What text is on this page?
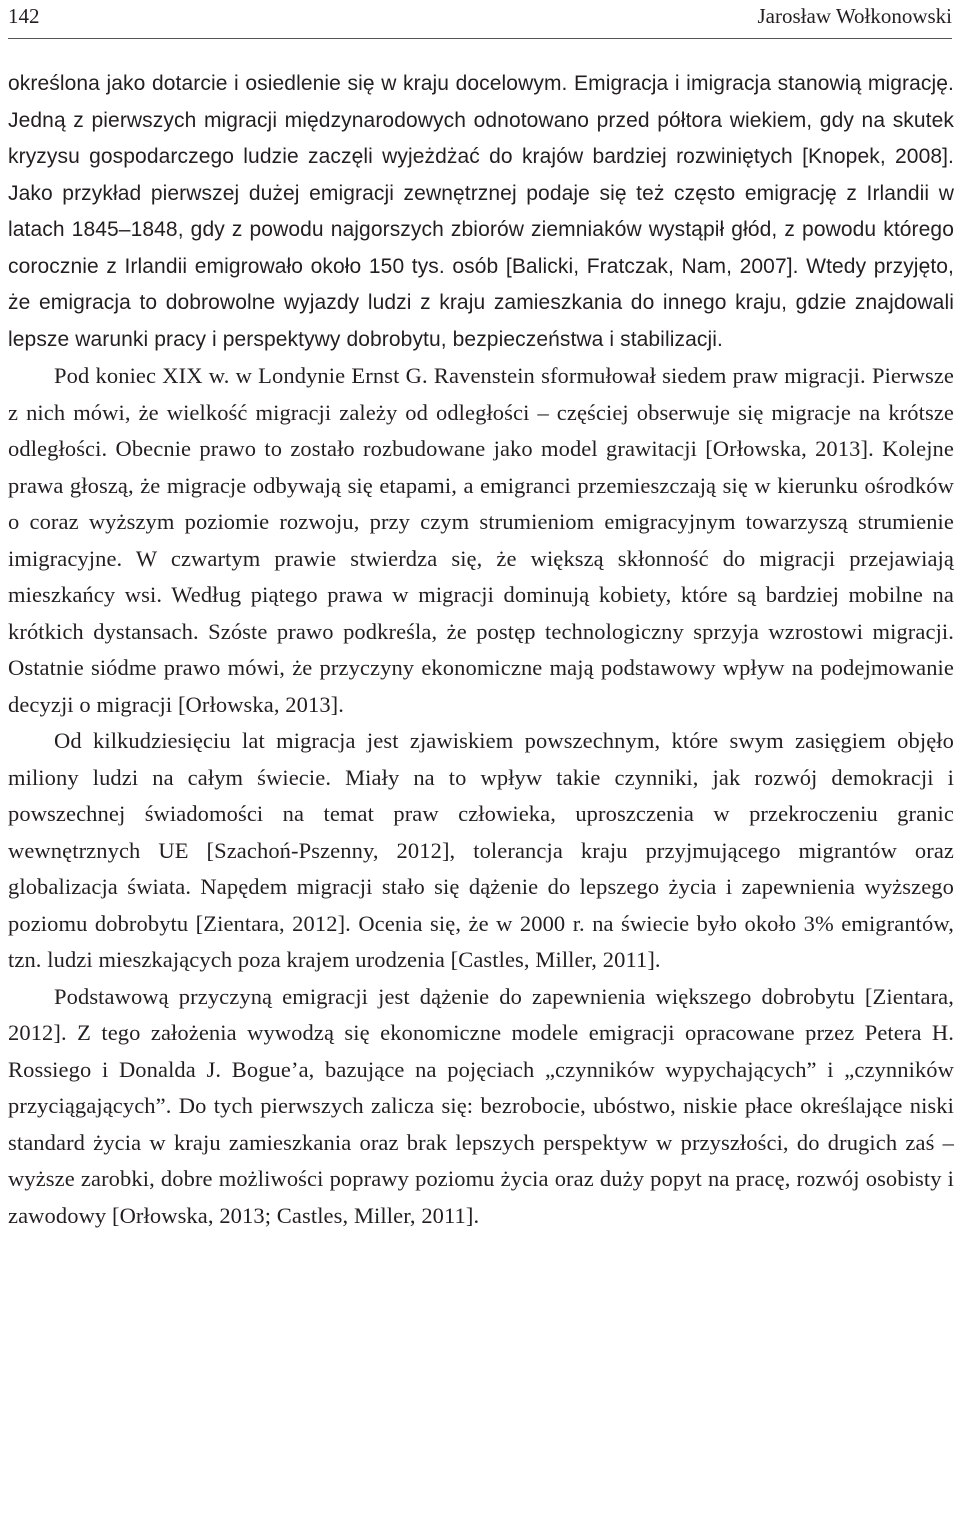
142	Jarosław Wołkonowski

określona jako dotarcie i osiedlenie się w kraju docelowym. Emigracja i imigracja stanowią migrację. Jedną z pierwszych migracji międzynarodowych odnotowano przed półtora wiekiem, gdy na skutek kryzysu gospodarczego ludzie zaczęli wyjeżdżać do krajów bardziej rozwiniętych [Knopek, 2008]. Jako przykład pierwszej dużej emigracji zewnętrznej podaje się też często emigrację z Irlandii w latach 1845–1848, gdy z powodu najgorszych zbiorów ziemniaków wystąpił głód, z powodu którego corocznie z Irlandii emigrowało około 150 tys. osób [Balicki, Fratczak, Nam, 2007]. Wtedy przyjęto, że emigracja to dobrowolne wyjazdy ludzi z kraju zamieszkania do innego kraju, gdzie znajdowali lepsze warunki pracy i perspektywy dobrobytu, bezpieczeństwa i stabilizacji.

Pod koniec XIX w. w Londynie Ernst G. Ravenstein sformułował siedem praw migracji. Pierwsze z nich mówi, że wielkość migracji zależy od odległości – częściej obserwuje się migracje na krótsze odległości. Obecnie prawo to zostało rozbudowane jako model grawitacji [Orłowska, 2013]. Kolejne prawa głoszą, że migracje odbywają się etapami, a emigranci przemieszczają się w kierunku ośrodków o coraz wyższym poziomie rozwoju, przy czym strumieniom emigracyjnym towarzyszą strumienie imigracyjne. W czwartym prawie stwierdza się, że większą skłonność do migracji przejawiają mieszkańcy wsi. Według piątego prawa w migracji dominują kobiety, które są bardziej mobilne na krótkich dystansach. Szóste prawo podkreśla, że postęp technologiczny sprzyja wzrostowi migracji. Ostatnie siódme prawo mówi, że przyczyny ekonomiczne mają podstawowy wpływ na podejmowanie decyzji o migracji [Orłowska, 2013].

Od kilkudziesięciu lat migracja jest zjawiskiem powszechnym, które swym zasięgiem objęło miliony ludzi na całym świecie. Miały na to wpływ takie czynniki, jak rozwój demokracji i powszechnej świadomości na temat praw człowieka, uproszczenia w przekroczeniu granic wewnętrznych UE [Szachoń-Pszenny, 2012], tolerancja kraju przyjmującego migrantów oraz globalizacja świata. Napędem migracji stało się dążenie do lepszego życia i zapewnienia wyższego poziomu dobrobytu [Zientara, 2012]. Ocenia się, że w 2000 r. na świecie było około 3% emigrantów, tzn. ludzi mieszkających poza krajem urodzenia [Castles, Miller, 2011].

Podstawową przyczyną emigracji jest dążenie do zapewnienia większego dobrobytu [Zientara, 2012]. Z tego założenia wywodzą się ekonomiczne modele emigracji opracowane przez Petera H. Rossiego i Donalda J. Bogue’a, bazujące na pojęciach „czynników wypychających” i „czynników przyciągających”. Do tych pierwszych zalicza się: bezrobocie, ubóstwo, niskie płace określające niski standard życia w kraju zamieszkania oraz brak lepszych perspektyw w przyszłości, do drugich zaś – wyższe zarobki, dobre możliwości poprawy poziomu życia oraz duży popyt na pracę, rozwój osobisty i zawodowy [Orłowska, 2013; Castles, Miller, 2011].
